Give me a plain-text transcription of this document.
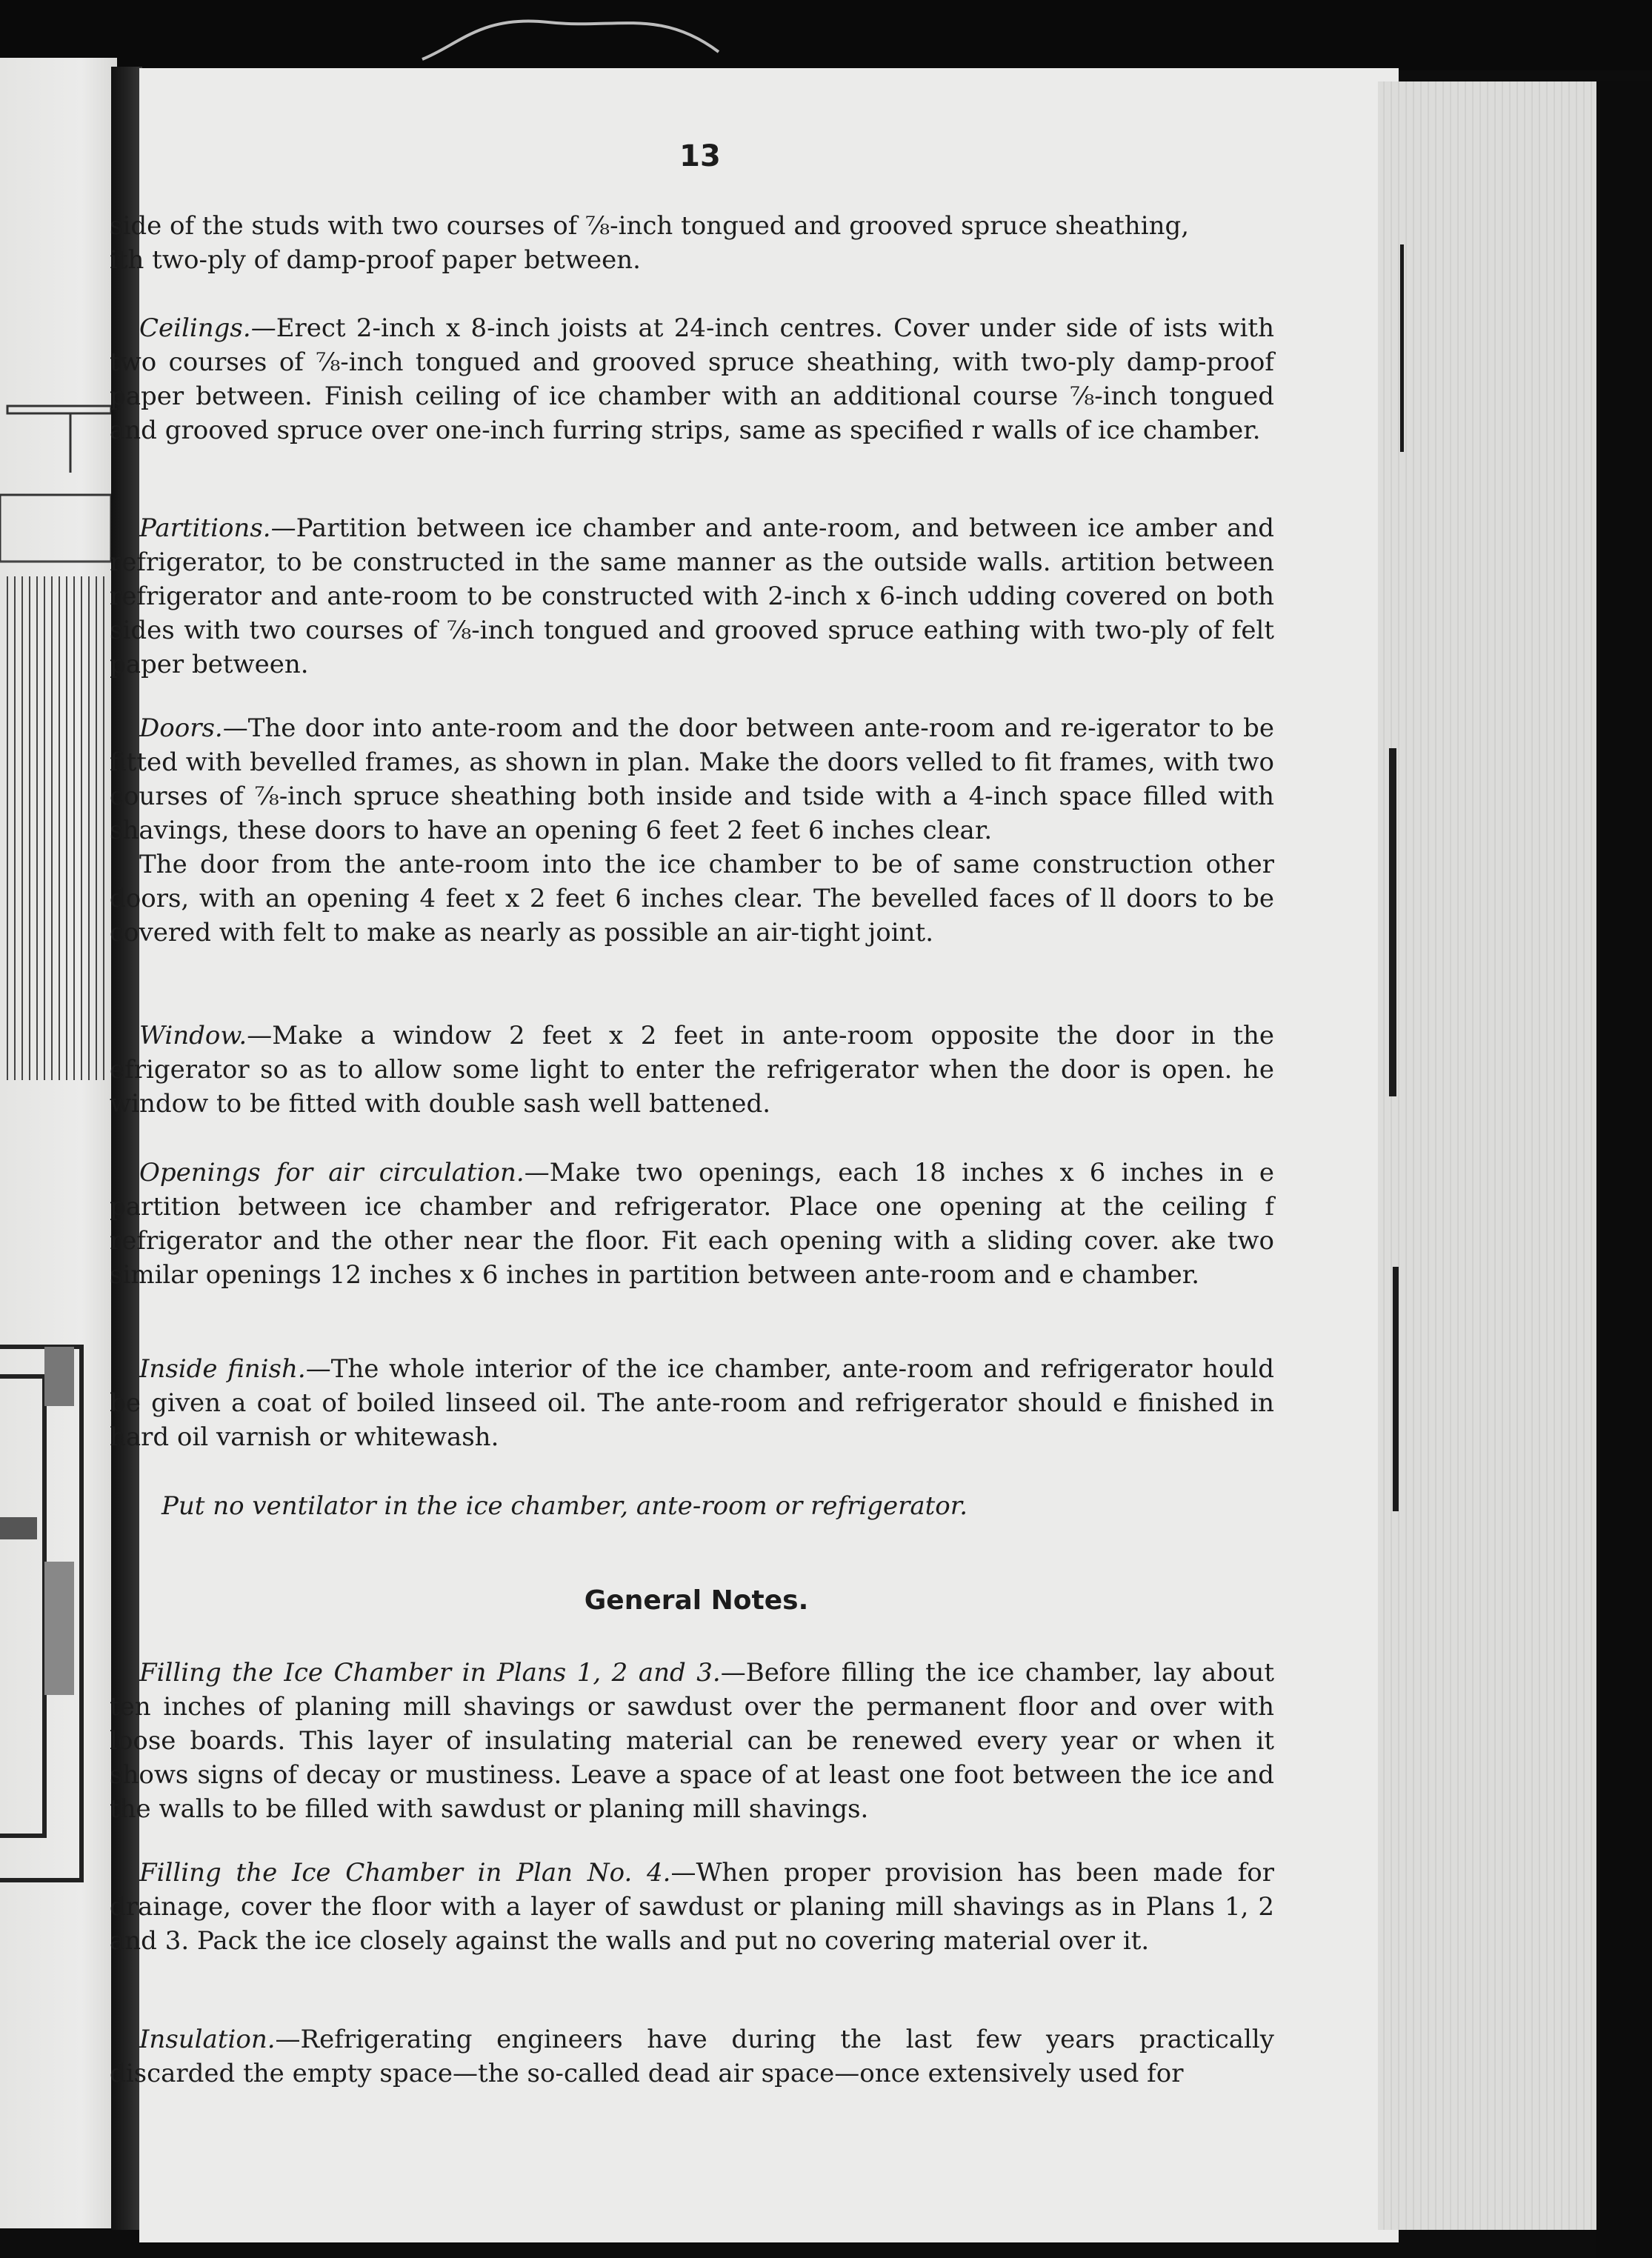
13

side of the studs with two courses of ⅞-inch tongued and grooved spruce sheathing,

ith two-ply of damp-proof paper between.

Ceilings.—Erect 2-inch x 8-inch joists at 24-inch centres. Cover under side of ists with two courses of ⅞-inch tongued and grooved spruce sheathing, with two-ply damp-proof paper between. Finish ceiling of ice chamber with an additional course ⅞-inch tongued and grooved spruce over one-inch furring strips, same as specified r walls of ice chamber.

Partitions.—Partition between ice chamber and ante-room, and between ice amber and refrigerator, to be constructed in the same manner as the outside walls. artition between refrigerator and ante-room to be constructed with 2-inch x 6-inch udding covered on both sides with two courses of ⅞-inch tongued and grooved spruce eathing with two-ply of felt paper between.

Doors.—The door into ante-room and the door between ante-room and re-igerator to be fitted with bevelled frames, as shown in plan. Make the doors velled to fit frames, with two courses of ⅞-inch spruce sheathing both inside and tside with a 4-inch space filled with shavings, these doors to have an opening 6 feet 2 feet 6 inches clear.

The door from the ante-room into the ice chamber to be of same construction other doors, with an opening 4 feet x 2 feet 6 inches clear. The bevelled faces of ll doors to be covered with felt to make as nearly as possible an air-tight joint.

Window.—Make a window 2 feet x 2 feet in ante-room opposite the door in the efrigerator so as to allow some light to enter the refrigerator when the door is open. he window to be fitted with double sash well battened.

Openings for air circulation.—Make two openings, each 18 inches x 6 inches in e partition between ice chamber and refrigerator. Place one opening at the ceiling f refrigerator and the other near the floor. Fit each opening with a sliding cover. ake two similar openings 12 inches x 6 inches in partition between ante-room and e chamber.

Inside finish.—The whole interior of the ice chamber, ante-room and refrigerator hould be given a coat of boiled linseed oil. The ante-room and refrigerator should e finished in hard oil varnish or whitewash.

Put no ventilator in the ice chamber, ante-room or refrigerator.
General Notes.

Filling the Ice Chamber in Plans 1, 2 and 3.—Before filling the ice chamber, lay about ten inches of planing mill shavings or sawdust over the permanent floor and over with loose boards. This layer of insulating material can be renewed every year or when it shows signs of decay or mustiness. Leave a space of at least one foot between the ice and the walls to be filled with sawdust or planing mill shavings.

Filling the Ice Chamber in Plan No. 4.—When proper provision has been made for drainage, cover the floor with a layer of sawdust or planing mill shavings as in Plans 1, 2 and 3. Pack the ice closely against the walls and put no covering material over it.

Insulation.—Refrigerating engineers have during the last few years practically discarded the empty space—the so-called dead air space—once extensively used for
